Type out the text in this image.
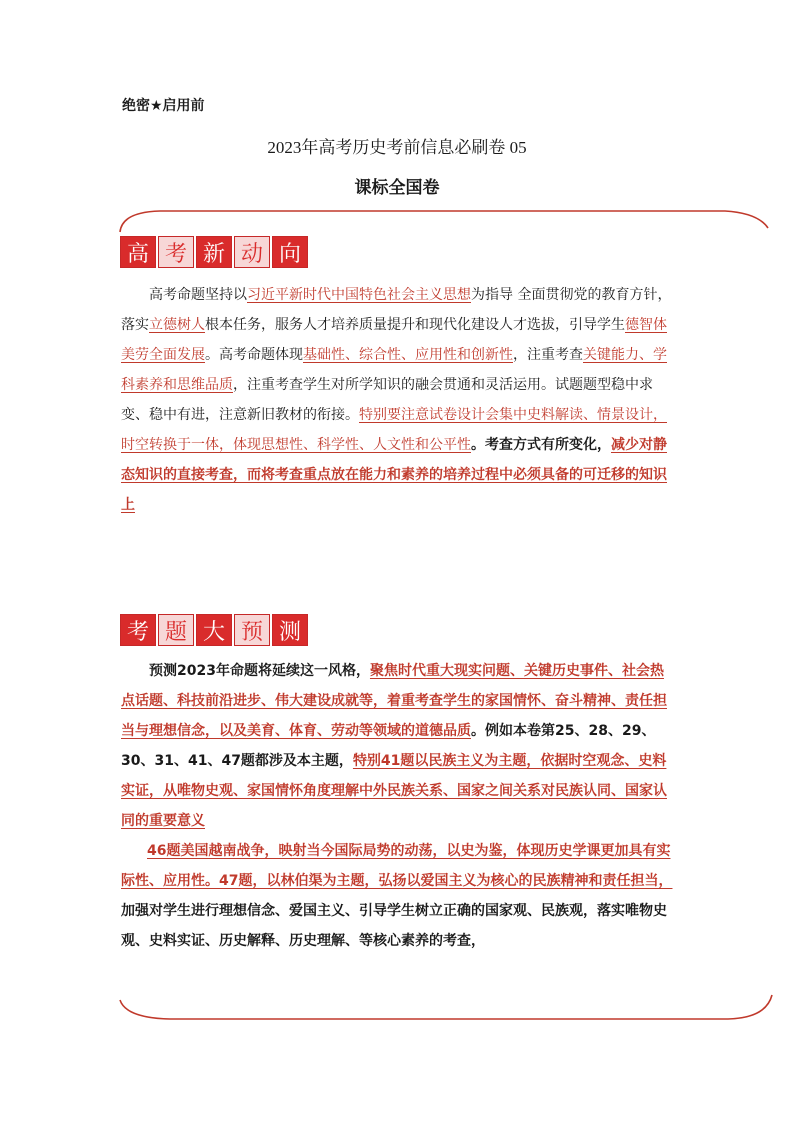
绝密★启用前
2023年高考历史考前信息必刷卷 05
课标全国卷
高 考 新 动 向

高考命题坚持以习近平新时代中国特色社会主义思想为指导 全面贯彻党的教育方针，落实立德树人根本任务，服务人才培养质量提升和现代化建设人才选拔，引导学生德智体美劳全面发展。高考命题体现基础性、综合性、应用性和创新性，注重考查关键能力、学科素养和思维品质，注重考查学生对所学知识的融会贯通和灵活运用。试题题型稳中求变、稳中有进，注意新旧教材的衔接。特别要注意试卷设计会集中史料解读、情景设计，时空转换于一体，体现思想性、科学性、人文性和公平性。考查方式有所变化，减少对静态知识的直接考查，而将考查重点放在能力和素养的培养过程中必须具备的可迁移的知识上

考 题 大 预 测

预测2023年命题将延续这一风格，聚焦时代重大现实问题、关键历史事件、社会热点话题、科技前沿进步、伟大建设成就等，着重考查学生的家国情怀、奋斗精神、责任担当与理想信念，以及美育、体育、劳动等领域的道德品质。例如本卷第25、28、29、30、31、41、47题都涉及本主题，特别41题以民族主义为主题，依据时空观念、史料实证，从唯物史观、家国情怀角度理解中外民族关系、国家之间关系对民族认同、国家认同的重要意义

46题美国越南战争，映射当今国际局势的动荡，以史为鉴，体现历史学课更加具有实际性、应用性。47题，以林伯渠为主题，弘扬以爱国主义为核心的民族精神和责任担当，加强对学生进行理想信念、爱国主义、引导学生树立正确的国家观、民族观，落实唯物史观、史料实证、历史解释、历史理解、等核心素养的考查，
